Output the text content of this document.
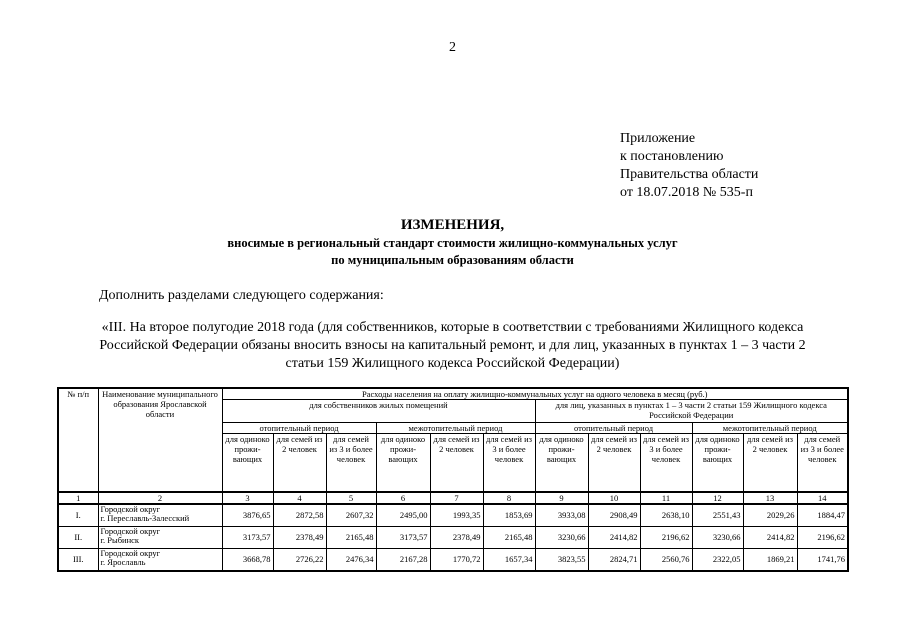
2
Приложение
к постановлению
Правительства области
от 18.07.2018 № 535-п
ИЗМЕНЕНИЯ,
вносимые в региональный стандарт стоимости жилищно-коммунальных услуг
по муниципальным образованиям области
Дополнить разделами следующего содержания:
«III. На второе полугодие 2018 года (для собственников, которые в соответствии с требованиями Жилищного кодекса
Российской Федерации обязаны вносить взносы на капитальный ремонт, и для лиц, указанных в пунктах 1 – 3 части 2
статьи 159 Жилищного кодекса Российской Федерации)
№ п/п	Наименование муниципального образования Ярославской области	Расходы населения на оплату жилищно-коммунальных услуг на одного человека в месяц (руб.)											
		для собственников жилых помещений						для лиц, указанных в пунктах 1 – 3 части 2 статьи 159 Жилищного кодекса Российской Федерации					
		отопительный период			межотопительный период			отопительный период			межотопительный период		
		для одиноко прожи-вающих	для семей из 2 человек	для семей из 3 и более человек	для одиноко прожи-вающих	для семей из 2 человек	для семей из 3 и более человек	для одиноко прожи-вающих	для семей из 2 человек	для семей из 3 и более человек	для одиноко прожи-вающих	для семей из 2 человек	для семей из 3 и более человек
1	2	3	4	5	6	7	8	9	10	11	12	13	14
I.	Городской округ
г. Переславль-Залесский	3876,65	2872,58	2607,32	2495,00	1993,35	1853,69	3933,08	2908,49	2638,10	2551,43	2029,26	1884,47
II.	Городской округ
г. Рыбинск	3173,57	2378,49	2165,48	3173,57	2378,49	2165,48	3230,66	2414,82	2196,62	3230,66	2414,82	2196,62
III.	Городской округ
г. Ярославль	3668,78	2726,22	2476,34	2167,28	1770,72	1657,34	3823,55	2824,71	2560,76	2322,05	1869,21	1741,76
